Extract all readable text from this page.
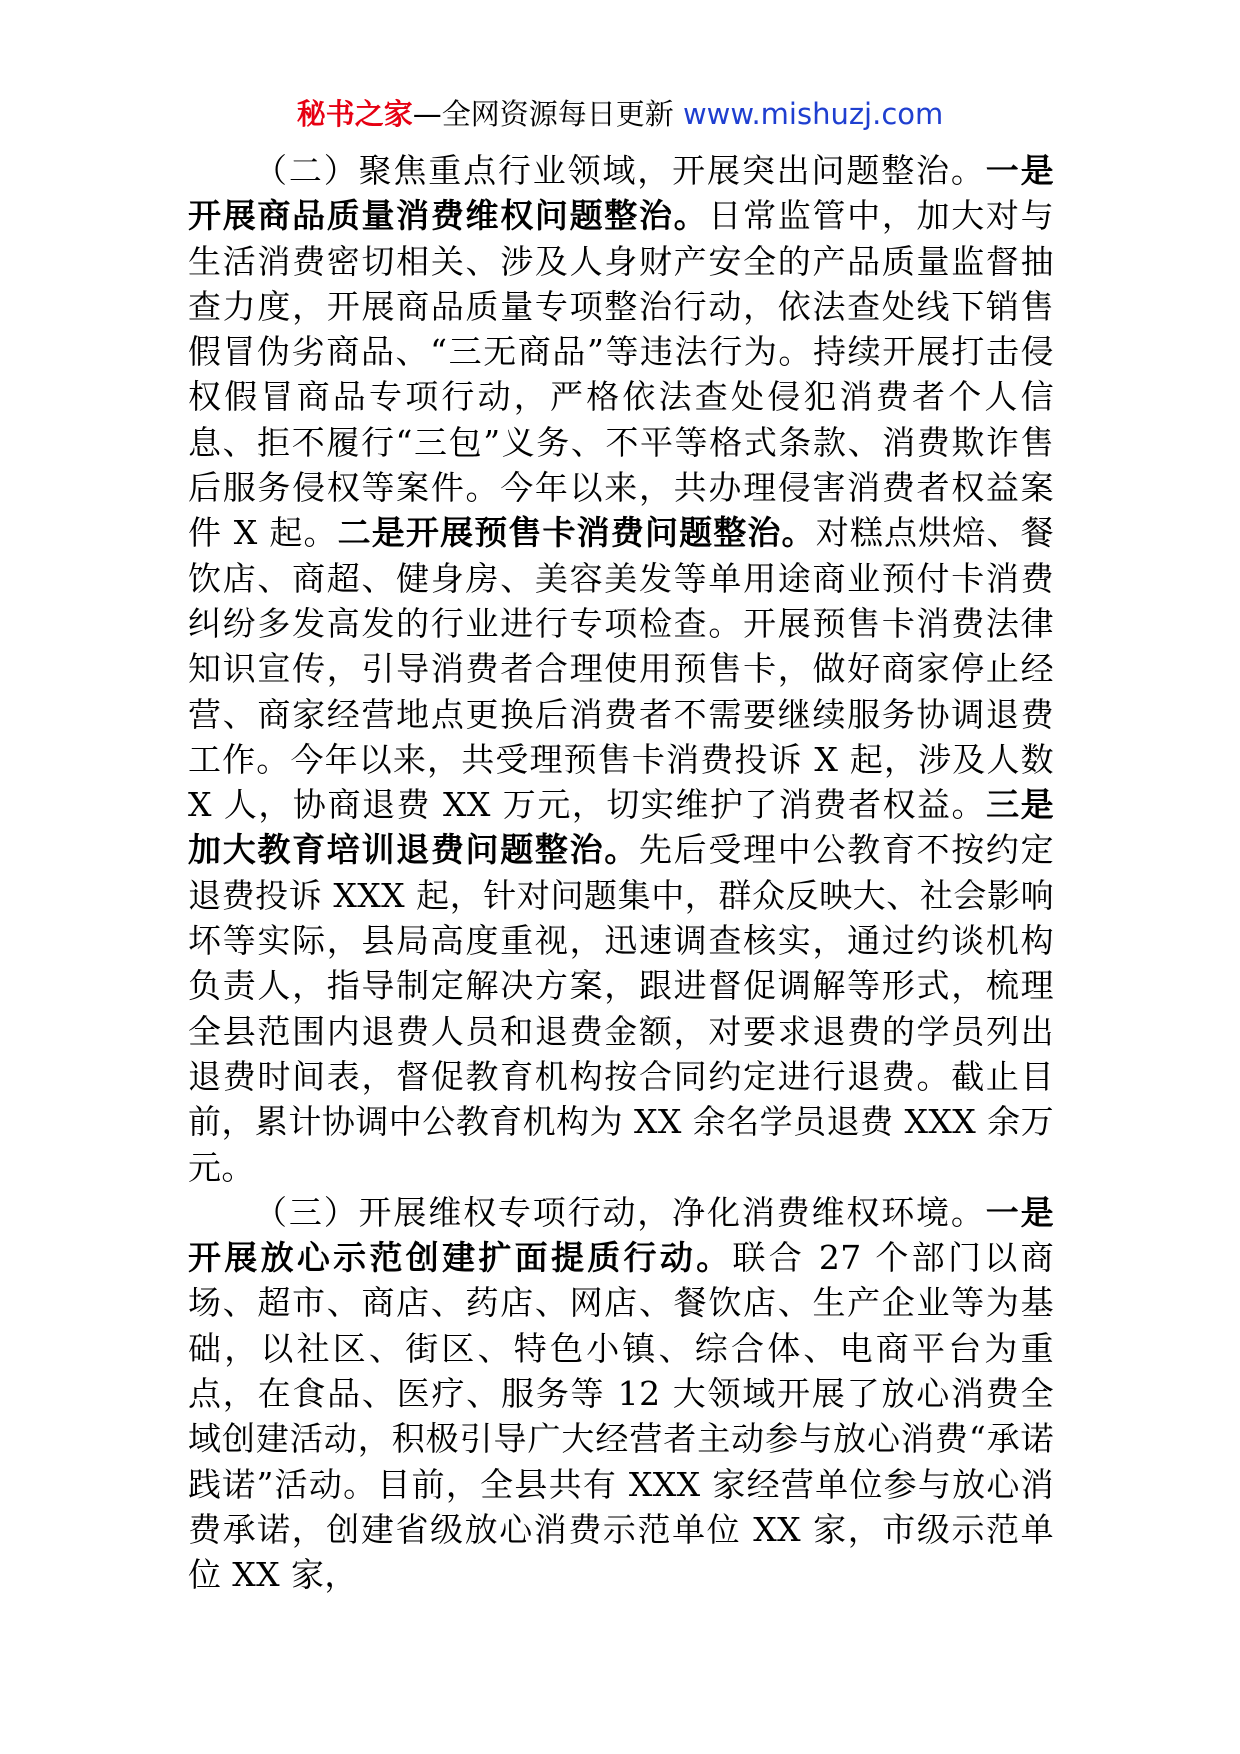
秘书之家—全网资源每日更新 www.mishuzj.com

（二）聚焦重点行业领域，开展突出问题整治。一是开展商品质量消费维权问题整治。日常监管中，加大对与生活消费密切相关、涉及人身财产安全的产品质量监督抽查力度，开展商品质量专项整治行动，依法查处线下销售假冒伪劣商品、“三无商品”等违法行为。持续开展打击侵权假冒商品专项行动，严格依法查处侵犯消费者个人信息、拒不履行“三包”义务、不平等格式条款、消费欺诈售后服务侵权等案件。今年以来，共办理侵害消费者权益案件 X 起。二是开展预售卡消费问题整治。对糕点烘焙、餐饮店、商超、健身房、美容美发等单用途商业预付卡消费纠纷多发高发的行业进行专项检查。开展预售卡消费法律知识宣传，引导消费者合理使用预售卡，做好商家停止经营、商家经营地点更换后消费者不需要继续服务协调退费工作。今年以来，共受理预售卡消费投诉 X 起，涉及人数 X 人，协商退费 XX 万元，切实维护了消费者权益。三是加大教育培训退费问题整治。先后受理中公教育不按约定退费投诉 XXX 起，针对问题集中，群众反映大、社会影响坏等实际，县局高度重视，迅速调查核实，通过约谈机构负责人，指导制定解决方案，跟进督促调解等形式，梳理全县范围内退费人员和退费金额，对要求退费的学员列出退费时间表，督促教育机构按合同约定进行退费。截止目前，累计协调中公教育机构为 XX 余名学员退费 XXX 余万元。

（三）开展维权专项行动，净化消费维权环境。一是开展放心示范创建扩面提质行动。联合 27 个部门以商场、超市、商店、药店、网店、餐饮店、生产企业等为基础，以社区、街区、特色小镇、综合体、电商平台为重点，在食品、医疗、服务等 12 大领域开展了放心消费全域创建活动，积极引导广大经营者主动参与放心消费“承诺践诺”活动。目前，全县共有 XXX 家经营单位参与放心消费承诺，创建省级放心消费示范单位 XX 家，市级示范单位 XX 家，
